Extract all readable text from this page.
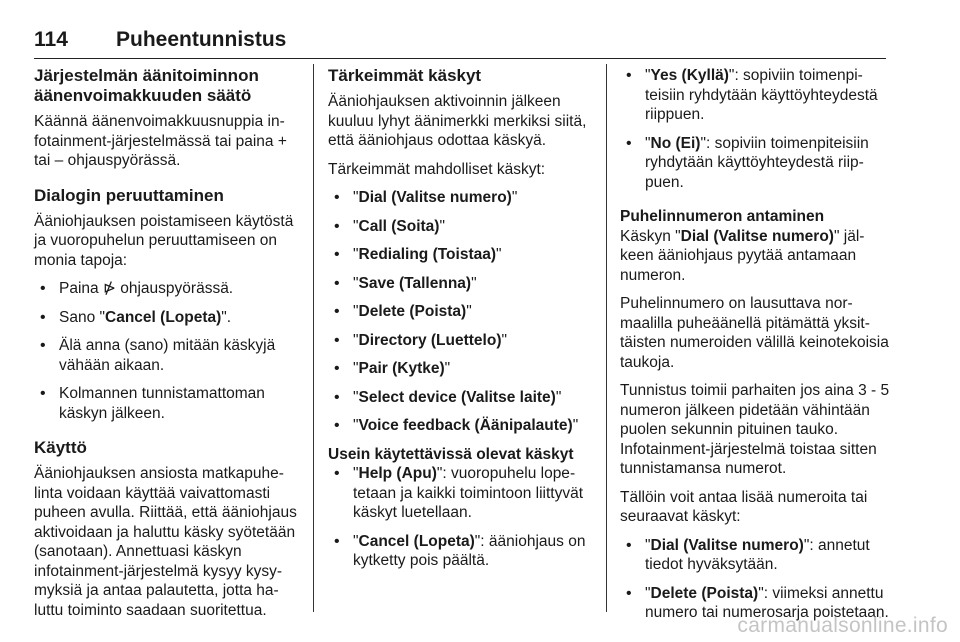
114 Puheentunnistus
Järjestelmän äänitoiminnon äänenvoimakkuuden säätö

Käännä äänenvoimakkuusnuppia infotainment-järjestelmässä tai paina + tai – ohjauspyörässä.

Dialogin peruuttaminen

Ääniohjauksen poistamiseen käytöstä ja vuoropuhelun peruuttamiseen on monia tapoja:

• Paina ⋫ ohjauspyörässä.
• Sano "Cancel (Lopeta)".
• Älä anna (sano) mitään käskyjä vähään aikaan.
• Kolmannen tunnistamattoman käskyn jälkeen.
Käyttö

Ääniohjauksen ansiosta matkapuhelinta voidaan käyttää vaivattomasti puheen avulla. Riittää, että ääniohjaus aktivoidaan ja haluttu käsky syötetään (sanotaan). Annettuasi käskyn infotainment-järjestelmä kysyy kysymyksiä ja antaa palautetta, jotta haluttu toiminto saadaan suoritettua.

Tärkeimmät käskyt

Ääniohjauksen aktivoinnin jälkeen kuuluu lyhyt äänimerkki merkiksi siitä, että ääniohjaus odottaa käskyä.

Tärkeimmät mahdolliset käskyt:

• "Dial (Valitse numero)"
• "Call (Soita)"
• "Redialing (Toistaa)"
• "Save (Tallenna)"
• "Delete (Poista)"
• "Directory (Luettelo)"
• "Pair (Kytke)"
• "Select device (Valitse laite)"
• "Voice feedback (Äänipalaute)"
Usein käytettävissä olevat käskyt
• "Help (Apu)": vuoropuhelu lopetetaan ja kaikki toimintoon liittyvät käskyt luetellaan.
• "Cancel (Lopeta)": ääniohjaus on kytketty pois päältä.
• "Yes (Kyllä)": sopiviin toimenpiteisiin ryhdytään käyttöyhteydestä riippuen.
• "No (Ei)": sopiviin toimenpiteisiin ryhdytään käyttöyhteydestä riippuen.
Puhelinnumeron antaminen

Käskyn "Dial (Valitse numero)" jälkeen ääniohjaus pyytää antamaan numeron.

Puhelinnumero on lausuttava normaalilla puheäänellä pitämättä yksittäisten numeroiden välillä keinotekoisia taukoja.

Tunnistus toimii parhaiten jos aina 3 - 5 numeron jälkeen pidetään vähintään puolen sekunnin pituinen tauko. Infotainment-järjestelmä toistaa sitten tunnistamansa numerot.

Tällöin voit antaa lisää numeroita tai seuraavat käskyt:

• "Dial (Valitse numero)": annetut tiedot hyväksytään.
• "Delete (Poista)": viimeksi annettu numero tai numerosarja poistetaan.
carmanualsonline.info
